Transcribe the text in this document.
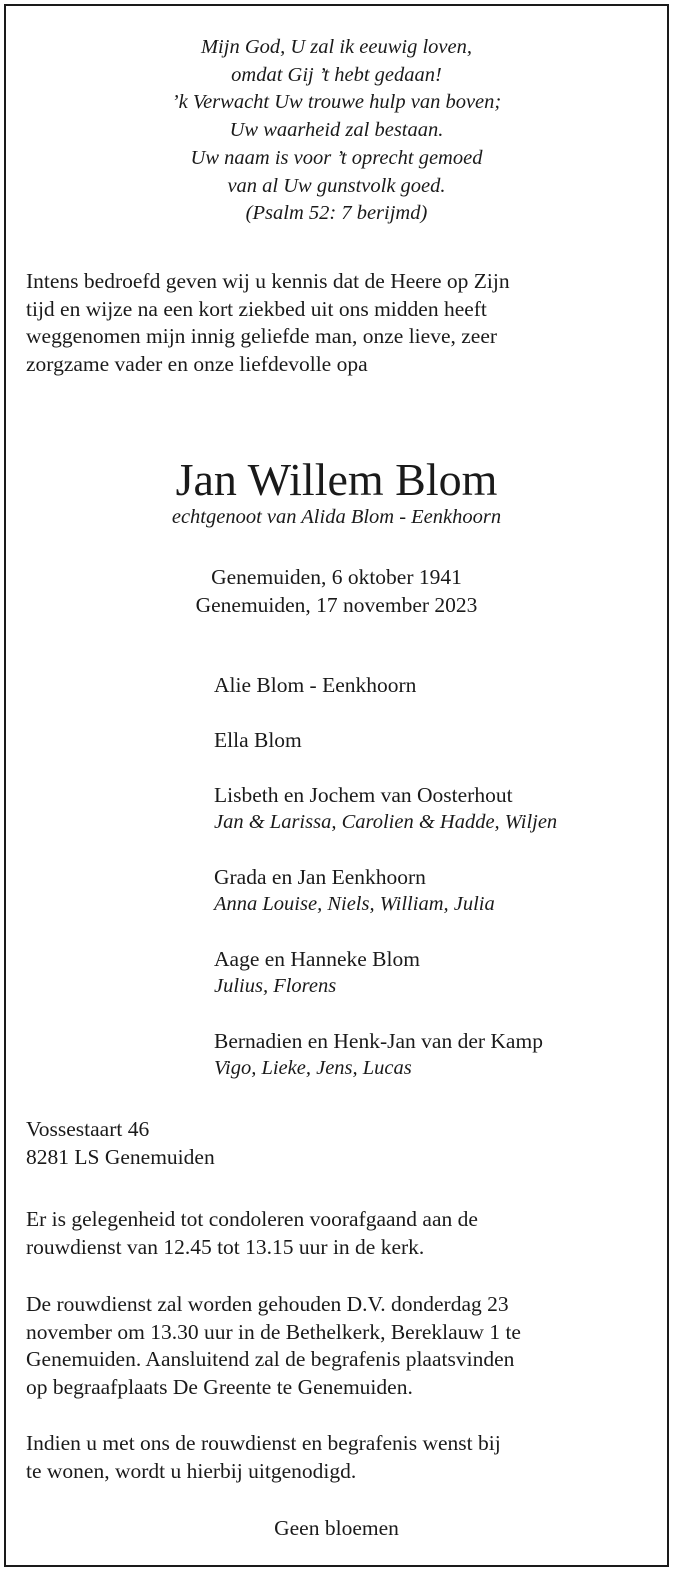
Mijn God, U zal ik eeuwig loven,
omdat Gij ’t hebt gedaan!
’k Verwacht Uw trouwe hulp van boven;
Uw waarheid zal bestaan.
Uw naam is voor ’t oprecht gemoed
van al Uw gunstvolk goed.
(Psalm 52: 7 berijmd)
Intens bedroefd geven wij u kennis dat de Heere op Zijn
tijd en wijze na een kort ziekbed uit ons midden heeft
weggenomen mijn innig geliefde man, onze lieve, zeer
zorgzame vader en onze liefdevolle opa
Jan Willem Blom
echtgenoot van Alida Blom - Eenkhoorn
Genemuiden, 6 oktober 1941
Genemuiden, 17 november 2023
Alie Blom - Eenkhoorn
Ella Blom
Lisbeth en Jochem van Oosterhout
Jan & Larissa, Carolien & Hadde, Wiljen
Grada en Jan Eenkhoorn
Anna Louise, Niels, William, Julia
Aage en Hanneke Blom
Julius, Florens
Bernadien en Henk-Jan van der Kamp
Vigo, Lieke, Jens, Lucas
Vossestaart 46
8281 LS Genemuiden
Er is gelegenheid tot condoleren voorafgaand aan de
rouwdienst van 12.45 tot 13.15 uur in de kerk.
De rouwdienst zal worden gehouden D.V. donderdag 23
november om 13.30 uur in de Bethelkerk, Bereklauw 1 te
Genemuiden. Aansluitend zal de begrafenis plaatsvinden
op begraafplaats De Greente te Genemuiden.
Indien u met ons de rouwdienst en begrafenis wenst bij
te wonen, wordt u hierbij uitgenodigd.
Geen bloemen
